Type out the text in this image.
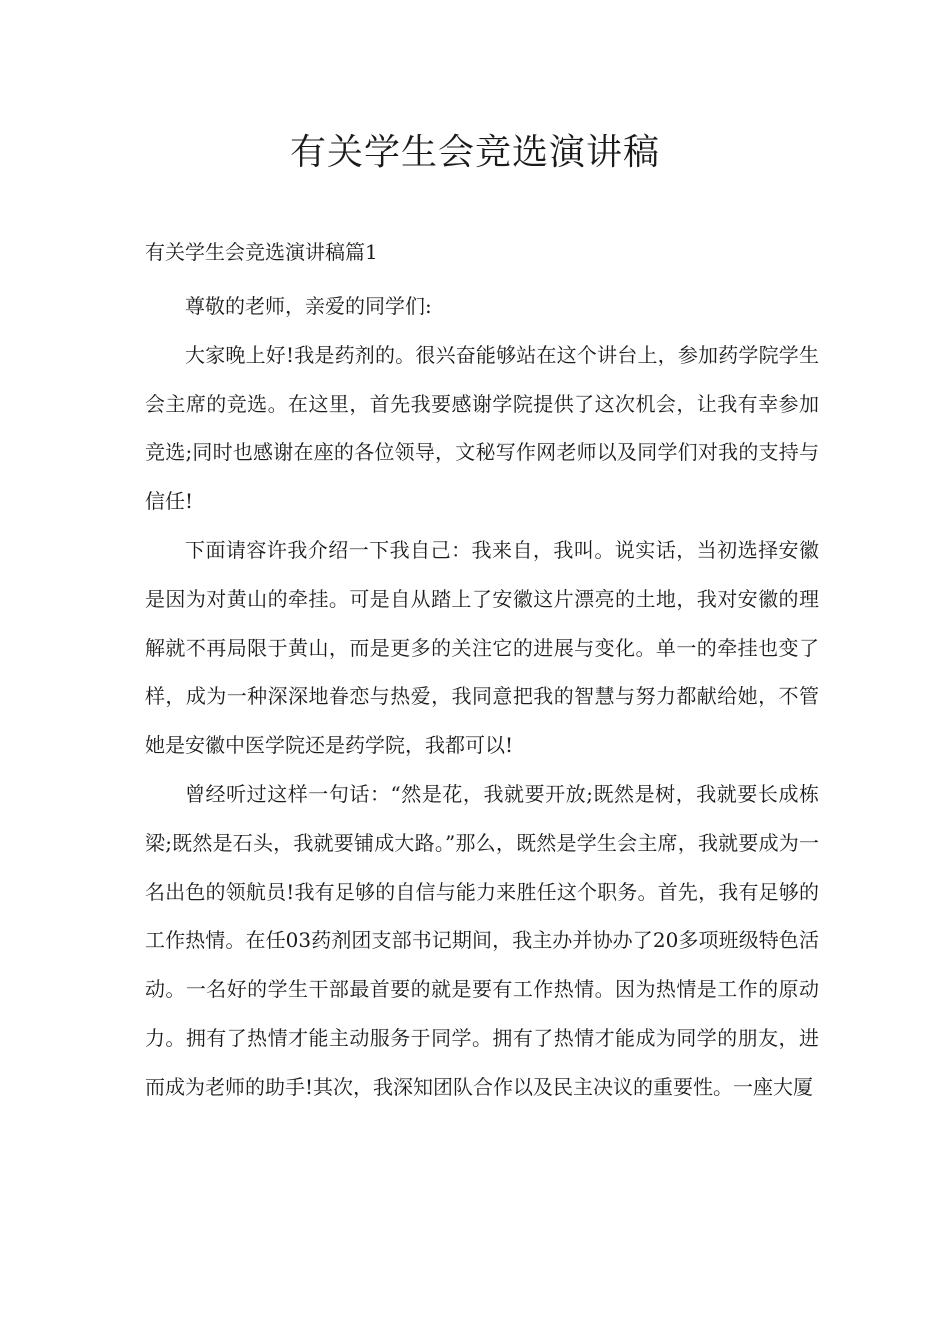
有关学生会竞选演讲稿
有关学生会竞选演讲稿篇1

尊敬的老师，亲爱的同学们:

大家晚上好!我是药剂的。很兴奋能够站在这个讲台上，参加药学院学生会主席的竞选。在这里，首先我要感谢学院提供了这次机会，让我有幸参加竞选;同时也感谢在座的各位领导，文秘写作网老师以及同学们对我的支持与信任!

下面请容许我介绍一下我自己：我来自，我叫。说实话，当初选择安徽是因为对黄山的牵挂。可是自从踏上了安徽这片漂亮的土地，我对安徽的理解就不再局限于黄山，而是更多的关注它的进展与变化。单一的牵挂也变了样，成为一种深深地眷恋与热爱，我同意把我的智慧与努力都献给她，不管她是安徽中医学院还是药学院，我都可以!

曾经听过这样一句话：“然是花，我就要开放;既然是树，我就要长成栋梁;既然是石头，我就要铺成大路。”那么，既然是学生会主席，我就要成为一名出色的领航员!我有足够的自信与能力来胜任这个职务。首先，我有足够的工作热情。在任03药剂团支部书记期间，我主办并协办了20多项班级特色活动。一名好的学生干部最首要的就是要有工作热情。因为热情是工作的原动力。拥有了热情才能主动服务于同学。拥有了热情才能成为同学的朋友，进而成为老师的助手!其次，我深知团队合作以及民主决议的重要性。一座大厦
